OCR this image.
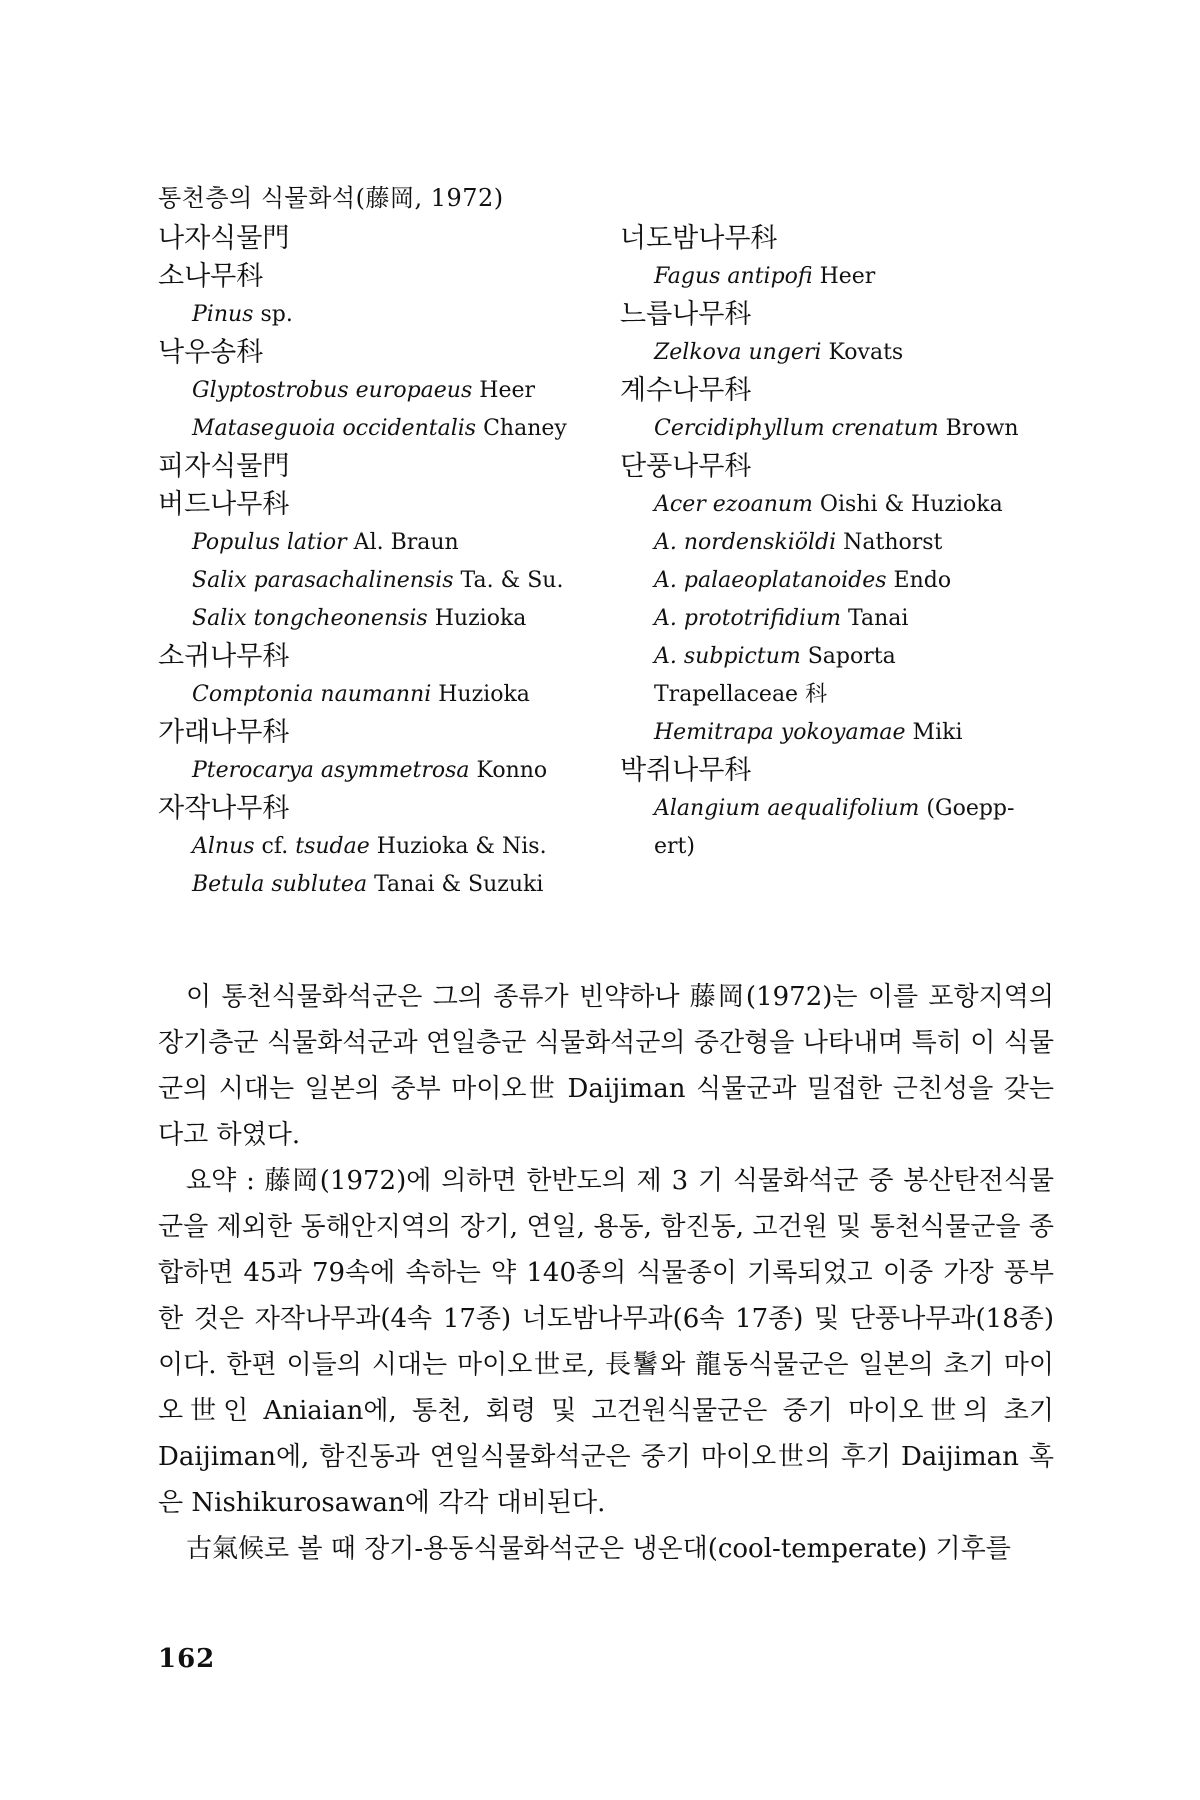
통천층의 식물화석(藤岡, 1972)
나자식물門
소나무科
Pinus sp.
낙우송科
Glyptostrobus europaeus Heer
Mataseguoia occidentalis Chaney
피자식물門
버드나무科
Populus latior Al. Braun
Salix parasachalinensis Ta. & Su.
Salix tongcheonensis Huzioka
소귀나무科
Comptonia naumanni Huzioka
가래나무科
Pterocarya asymmetrosa Konno
자작나무科
Alnus cf. tsudae Huzioka & Nis.
Betula sublutea Tanai & Suzuki
너도밤나무科
Fagus antipofi Heer
느릅나무科
Zelkova ungeri Kovats
계수나무科
Cercidiphyllum crenatum Brown
단풍나무科
Acer ezoanum Oishi & Huzioka
A. nordenskiöldi Nathorst
A. palaeoplatanoides Endo
A. prototrifidium Tanai
A. subpictum Saporta
Trapellaceae 科
Hemitrapa yokoyamae Miki
박쥐나무科
Alangium aequalifolium (Goepp-
ert)

이 통천식물화석군은 그의 종류가 빈약하나 藤岡(1972)는 이를 포항지역의 장기층군 식물화석군과 연일층군 식물화석군의 중간형을 나타내며 특히 이 식물군의 시대는 일본의 중부 마이오世 Daijiman 식물군과 밀접한 근친성을 갖는다고 하였다.

요약 : 藤岡(1972)에 의하면 한반도의 제 3 기 식물화석군 중 봉산탄전식물군을 제외한 동해안지역의 장기, 연일, 용동, 함진동, 고건원 및 통천식물군을 종합하면 45과 79속에 속하는 약 140종의 식물종이 기록되었고 이중 가장 풍부한 것은 자작나무과(4속 17종) 너도밤나무과(6속 17종) 및 단풍나무과(18종)이다. 한편 이들의 시대는 마이오世로, 長鬐와 龍동식물군은 일본의 초기 마이오世인 Aniaian에, 통천, 회령 및 고건원식물군은 중기 마이오世의 초기 Daijiman에, 함진동과 연일식물화석군은 중기 마이오世의 후기 Daijiman 혹은 Nishikurosawan에 각각 대비된다.

古氣候로 볼 때 장기-용동식물화석군은 냉온대(cool-temperate) 기후를

162
